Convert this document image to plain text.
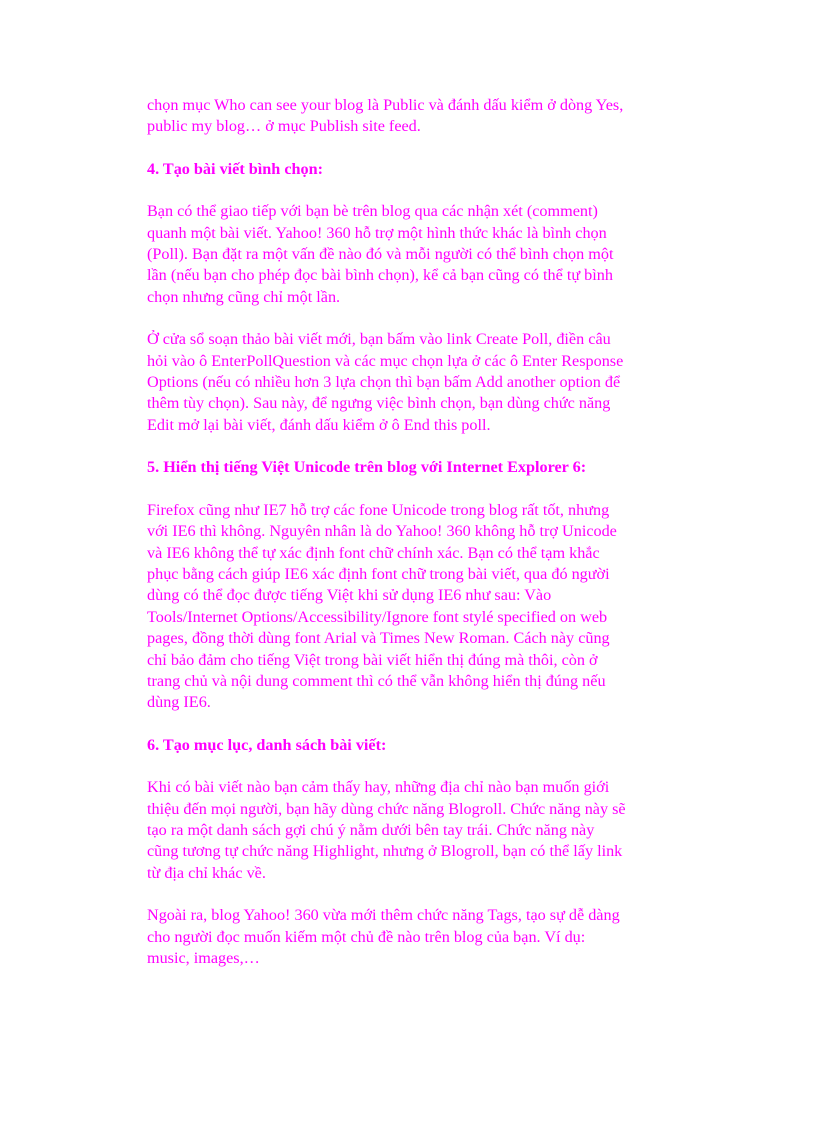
chọn mục Who can see your blog là Public và đánh dấu kiểm ở dòng Yes,
public my blog… ở mục Publish site feed.

4. Tạo bài viết bình chọn:

Bạn có thể giao tiếp với bạn bè trên blog qua các nhận xét (comment)
quanh một bài viết. Yahoo! 360 hỗ trợ một hình thức khác là bình chọn
(Poll). Bạn đặt ra một vấn đề nào đó và mỗi người có thể bình chọn một
lần (nếu bạn cho phép đọc bài bình chọn), kể cả bạn cũng có thể tự bình
chọn nhưng cũng chỉ một lần.

Ở cửa sổ soạn thảo bài viết mới, bạn bấm vào link Create Poll, điền câu
hỏi vào ô EnterPollQuestion và các mục chọn lựa ở các ô Enter Response
Options (nếu có nhiều hơn 3 lựa chọn thì bạn bấm Add another option để
thêm tùy chọn). Sau này, để ngưng việc bình chọn, bạn dùng chức năng
Edit mở lại bài viết, đánh dấu kiểm ở ô End this poll.

5. Hiển thị tiếng Việt Unicode trên blog với Internet Explorer 6:

Firefox cũng như IE7 hỗ trợ các fone Unicode trong blog rất tốt, nhưng
với IE6 thì không. Nguyên nhân là do Yahoo! 360 không hỗ trợ Unicode
và IE6 không thể tự xác định font chữ chính xác. Bạn có thể tạm khắc
phục bằng cách giúp IE6 xác định font chữ trong bài viết, qua đó người
dùng có thể đọc được tiếng Việt khi sử dụng IE6 như sau: Vào
Tools/Internet Options/Accessibility/Ignore font stylé specified on web
pages, đồng thời dùng font Arial và Times New Roman. Cách này cũng
chỉ bảo đảm cho tiếng Việt trong bài viết hiển thị đúng mà thôi, còn ở
trang chủ và nội dung comment thì có thể vẫn không hiển thị đúng nếu
dùng IE6.

6. Tạo mục lục, danh sách bài viết:

Khi có bài viết nào bạn cảm thấy hay, những địa chỉ nào bạn muốn giới
thiệu đến mọi người, bạn hãy dùng chức năng Blogroll. Chức năng này sẽ
tạo ra một danh sách gợi chú ý nằm dưới bên tay trái. Chức năng này
cũng tương tự chức năng Highlight, nhưng ở Blogroll, bạn có thể lấy link
từ địa chỉ khác về.

Ngoài ra, blog Yahoo! 360 vừa mới thêm chức năng Tags, tạo sự dễ dàng
cho người đọc muốn kiếm một chủ đề nào trên blog của bạn. Ví dụ:
music, images,…
